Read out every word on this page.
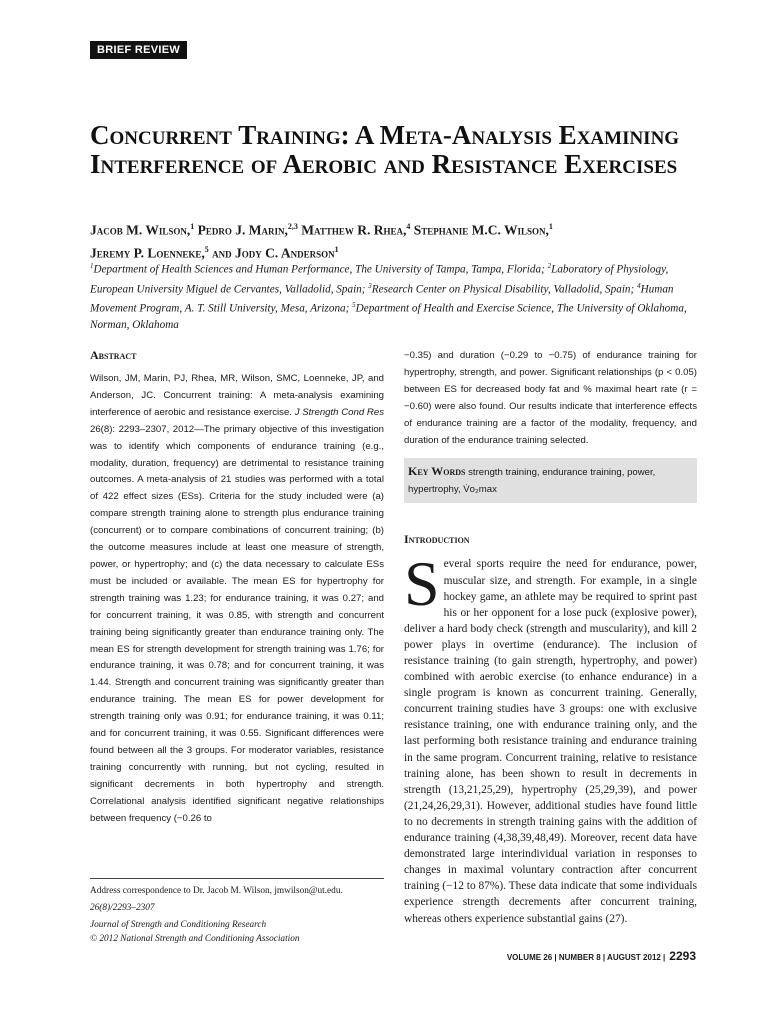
BRIEF REVIEW
Concurrent Training: A Meta-Analysis Examining Interference of Aerobic and Resistance Exercises
Jacob M. Wilson,$^1$ Pedro J. Marin,$^{2,3}$ Matthew R. Rhea,$^4$ Stephanie M.C. Wilson,$^1$
Jeremy P. Loenneke,$^5$ and Jody C. Anderson$^1$
$^1$Department of Health Sciences and Human Performance, The University of Tampa, Tampa, Florida; $^2$Laboratory of Physiology, European University Miguel de Cervantes, Valladolid, Spain; $^3$Research Center on Physical Disability, Valladolid, Spain; $^4$Human Movement Program, A. T. Still University, Mesa, Arizona; $^5$Department of Health and Exercise Science, The University of Oklahoma, Norman, Oklahoma
Abstract

Wilson, JM, Marin, PJ, Rhea, MR, Wilson, SMC, Loenneke, JP, and Anderson, JC. Concurrent training: A meta-analysis examining interference of aerobic and resistance exercise. J Strength Cond Res 26(8): 2293–2307, 2012—The primary objective of this investigation was to identify which components of endurance training (e.g., modality, duration, frequency) are detrimental to resistance training outcomes. A meta-analysis of 21 studies was performed with a total of 422 effect sizes (ESs). Criteria for the study included were (a) compare strength training alone to strength plus endurance training (concurrent) or to compare combinations of concurrent training; (b) the outcome measures include at least one measure of strength, power, or hypertrophy; and (c) the data necessary to calculate ESs must be included or available. The mean ES for hypertrophy for strength training was 1.23; for endurance training, it was 0.27; and for concurrent training, it was 0.85, with strength and concurrent training being significantly greater than endurance training only. The mean ES for strength development for strength training was 1.76; for endurance training, it was 0.78; and for concurrent training, it was 1.44. Strength and concurrent training was significantly greater than endurance training. The mean ES for power development for strength training only was 0.91; for endurance training, it was 0.11; and for concurrent training, it was 0.55. Significant differences were found between all the 3 groups. For moderator variables, resistance training concurrently with running, but not cycling, resulted in significant decrements in both hypertrophy and strength. Correlational analysis identified significant negative relationships between frequency (−0.26 to

Address correspondence to Dr. Jacob M. Wilson, jmwilson@ut.edu.
26(8)/2293–2307
Journal of Strength and Conditioning Research
© 2012 National Strength and Conditioning Association

−0.35) and duration (−0.29 to −0.75) of endurance training for hypertrophy, strength, and power. Significant relationships (p < 0.05) between ES for decreased body fat and % maximal heart rate (r = −0.60) were also found. Our results indicate that interference effects of endurance training are a factor of the modality, frequency, and duration of the endurance training selected.

Key Words strength training, endurance training, power, hypertrophy, V̇o₂max
Introduction

Several sports require the need for endurance, power, muscular size, and strength. For example, in a single hockey game, an athlete may be required to sprint past his or her opponent for a lose puck (explosive power), deliver a hard body check (strength and muscularity), and kill 2 power plays in overtime (endurance). The inclusion of resistance training (to gain strength, hypertrophy, and power) combined with aerobic exercise (to enhance endurance) in a single program is known as concurrent training. Generally, concurrent training studies have 3 groups: one with exclusive resistance training, one with endurance training only, and the last performing both resistance training and endurance training in the same program. Concurrent training, relative to resistance training alone, has been shown to result in decrements in strength (13,21,25,29), hypertrophy (25,29,39), and power (21,24,26,29,31). However, additional studies have found little to no decrements in strength training gains with the addition of endurance training (4,38,39,48,49). Moreover, recent data have demonstrated large interindividual variation in responses to changes in maximal voluntary contraction after concurrent training (−12 to 87%). These data indicate that some individuals experience strength decrements after concurrent training, whereas others experience substantial gains (27).

VOLUME 26 | NUMBER 8 | AUGUST 2012 | 2293
